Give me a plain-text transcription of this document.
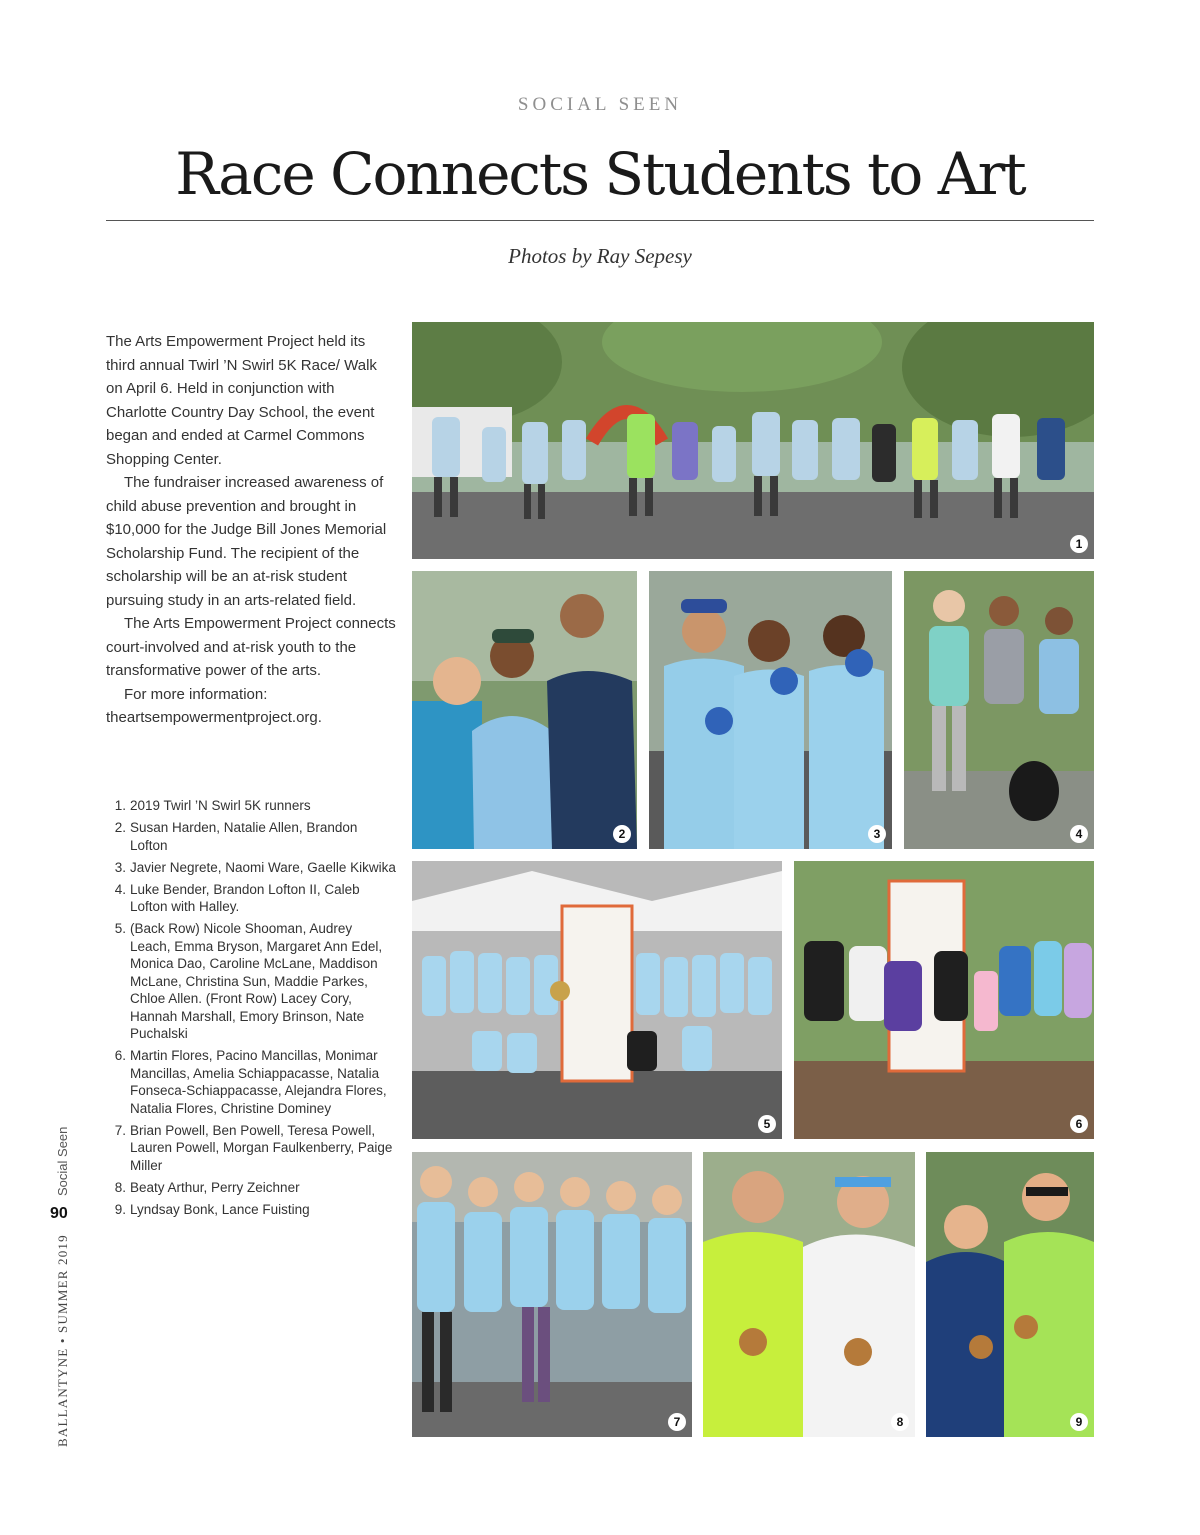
SOCIAL SEEN
Race Connects Students to Art
Photos by Ray Sepesy

The Arts Empowerment Project held its third annual Twirl ’N Swirl 5K Race/ Walk on April 6. Held in conjunction with Charlotte Country Day School, the event began and ended at Carmel Commons Shopping Center.

The fundraiser increased awareness of child abuse prevention and brought in $10,000 for the Judge Bill Jones Memorial Scholarship Fund. The recipient of the scholarship will be an at-risk student pursuing study in an arts-related field.

The Arts Empowerment Project connects court-involved and at-risk youth to the transformative power of the arts.

For more information:

theartsempowermentproject.org.

1. 2019 Twirl ’N Swirl 5K runners
2. Susan Harden, Natalie Allen, Brandon Lofton
3. Javier Negrete, Naomi Ware, Gaelle Kikwika
4. Luke Bender, Brandon Lofton II, Caleb Lofton with Halley.
5. (Back Row) Nicole Shooman, Audrey Leach, Emma Bryson, Margaret Ann Edel, Monica Dao, Caroline McLane, Maddison McLane, Christina Sun, Maddie Parkes, Chloe Allen. (Front Row) Lacey Cory, Hannah Marshall, Emory Brinson, Nate Puchalski
6. Martin Flores, Pacino Mancillas, Monimar Mancillas, Amelia Schiappacasse, Natalia Fonseca-Schiappacasse, Alejandra Flores, Natalia Flores, Christine Dominey
7. Brian Powell, Ben Powell, Teresa Powell, Lauren Powell, Morgan Faulkenberry, Paige Miller
8. Beaty Arthur, Perry Zeichner
9. Lyndsay Bonk, Lance Fuisting
1
2	3	4
5	6
7	8	9
Social Seen
90
BALLANTYNE • SUMMER 2019
